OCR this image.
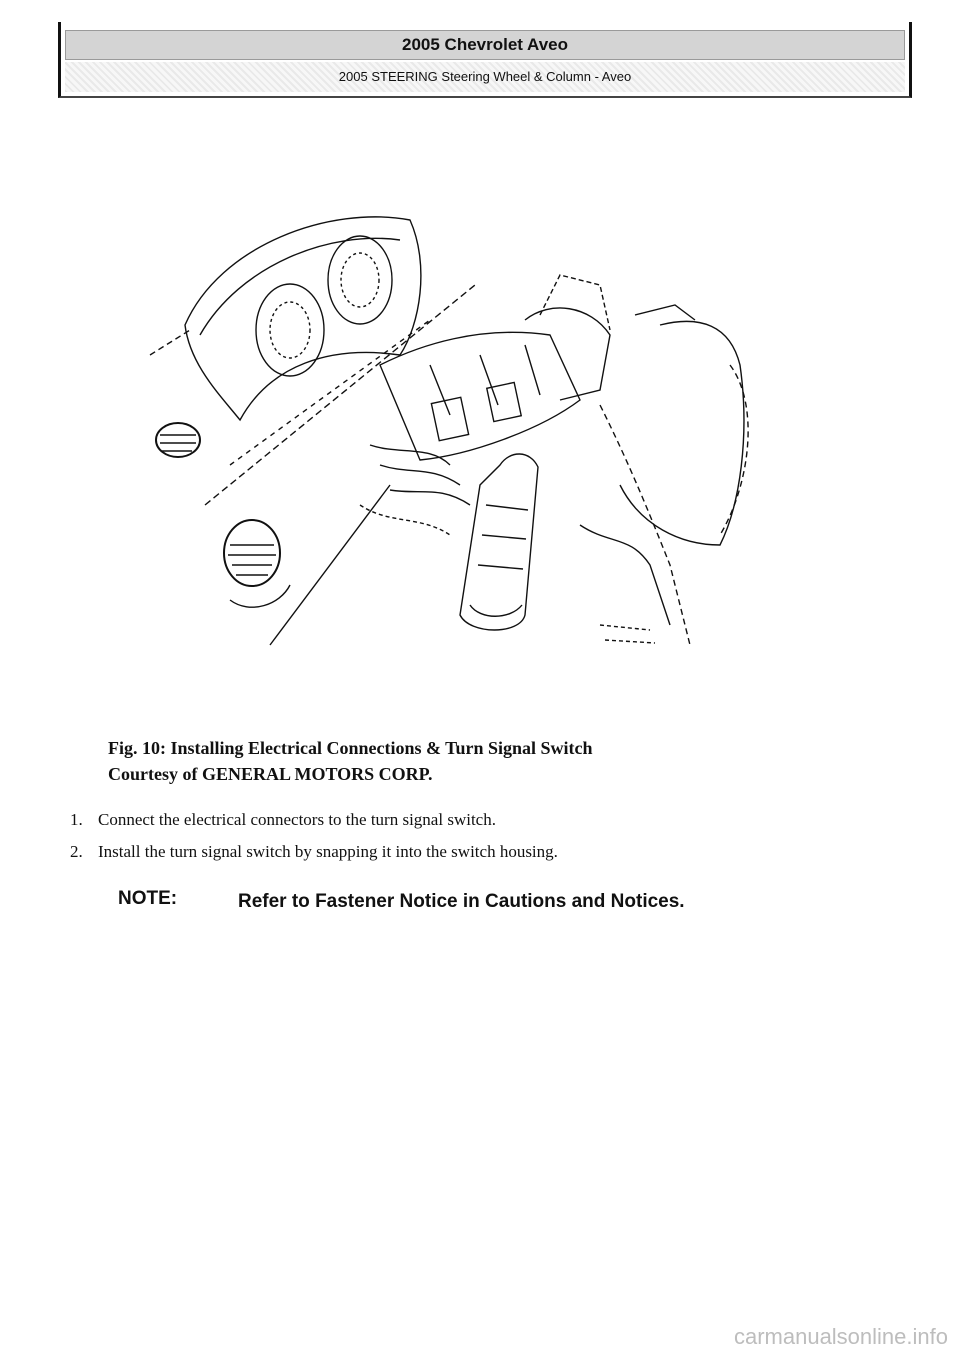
2005 Chevrolet Aveo
2005 STEERING Steering Wheel & Column - Aveo
Fig. 10: Installing Electrical Connections & Turn Signal Switch
Courtesy of GENERAL MOTORS CORP.
1. Connect the electrical connectors to the turn signal switch.
2. Install the turn signal switch by snapping it into the switch housing.
NOTE:	Refer to Fastener Notice in Cautions and Notices.
carmanualsonline.info
